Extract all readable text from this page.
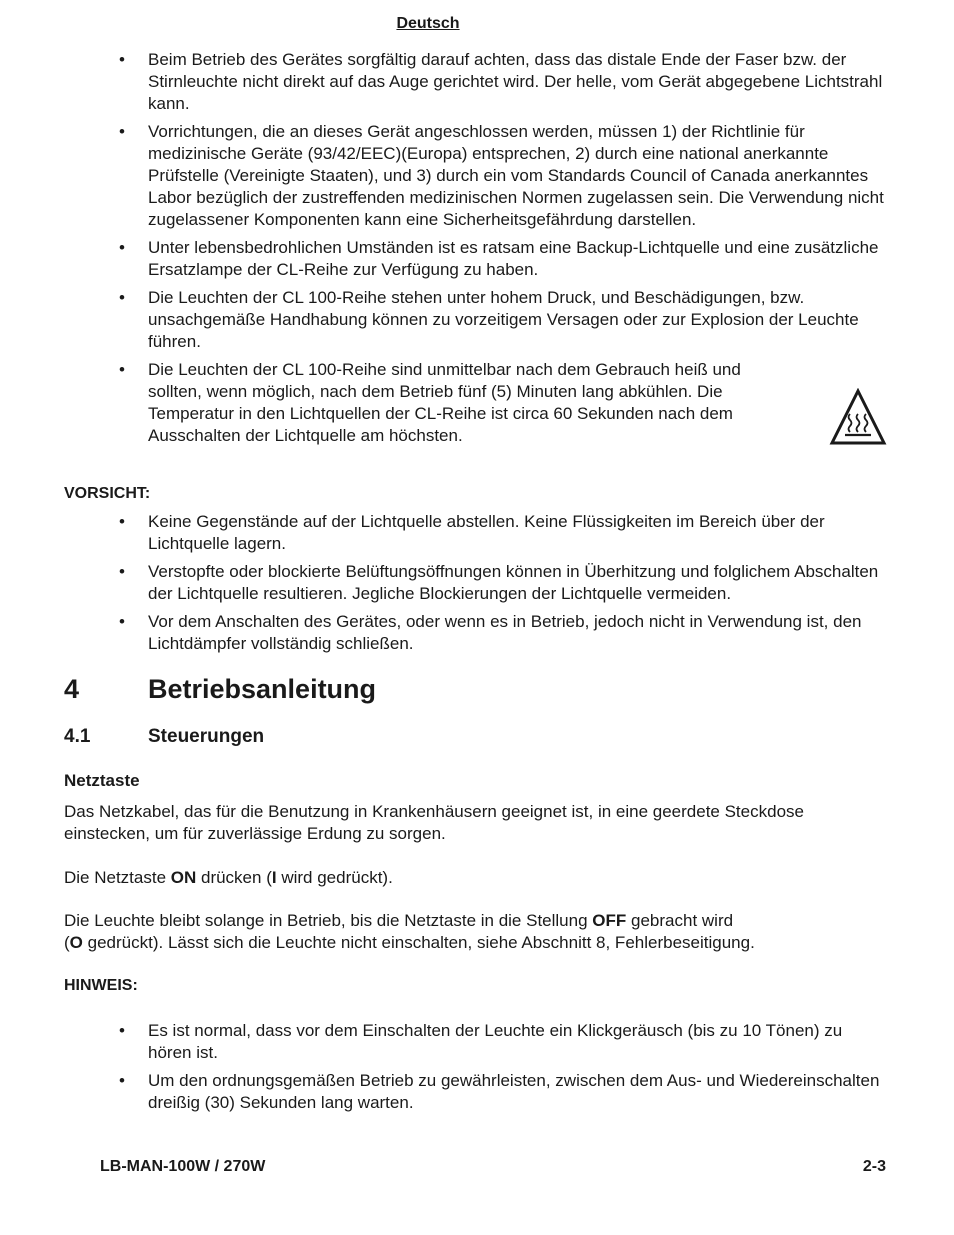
Deutsch
• Beim Betrieb des Gerätes sorgfältig darauf achten, dass das distale Ende der Faser bzw. der Stirnleuchte nicht direkt auf das Auge gerichtet wird. Der helle, vom Gerät abgegebene Lichtstrahl kann.
• Vorrichtungen, die an dieses Gerät angeschlossen werden, müssen 1) der Richtlinie für medizinische Geräte (93/42/EEC)(Europa) entsprechen, 2) durch eine national anerkannte Prüfstelle (Vereinigte Staaten), und 3) durch ein vom Standards Council of Canada anerkanntes Labor bezüglich der zustreffenden medizinischen Normen zugelassen sein. Die Verwendung nicht zugelassener Komponenten kann eine Sicherheitsgefährdung darstellen.
• Unter lebensbedrohlichen Umständen ist es ratsam eine Backup-Lichtquelle und eine zusätzliche Ersatzlampe der CL-Reihe zur Verfügung zu haben.
• Die Leuchten der CL 100-Reihe stehen unter hohem Druck, und Beschädigungen, bzw. unsachgemäße Handhabung können zu vorzeitigem Versagen oder zur Explosion der Leuchte führen.
• Die Leuchten der CL 100-Reihe sind unmittelbar nach dem Gebrauch heiß und sollten, wenn möglich, nach dem Betrieb fünf (5) Minuten lang abkühlen. Die Temperatur in den Lichtquellen der CL-Reihe ist circa 60 Sekunden nach dem Ausschalten der Lichtquelle am höchsten.
VORSICHT:
• Keine Gegenstände auf der Lichtquelle abstellen. Keine Flüssigkeiten im Bereich über der Lichtquelle lagern.
• Verstopfte oder blockierte Belüftungsöffnungen können in Überhitzung und folglichem Abschalten der Lichtquelle resultieren. Jegliche Blockierungen der Lichtquelle vermeiden.
• Vor dem Anschalten des Gerätes, oder wenn es in Betrieb, jedoch nicht in Verwendung ist, den Lichtdämpfer vollständig schließen.
4	Betriebsanleitung
4.1	Steuerungen
Netztaste
Das Netzkabel, das für die Benutzung in Krankenhäusern geeignet ist, in eine geerdete Steckdose einstecken, um für zuverlässige Erdung zu sorgen.
Die Netztaste ON drücken (I wird gedrückt).
Die Leuchte bleibt solange in Betrieb, bis die Netztaste in die Stellung OFF gebracht wird
(O gedrückt). Lässt sich die Leuchte nicht einschalten, siehe Abschnitt 8, Fehlerbeseitigung.
HINWEIS:
• Es ist normal, dass vor dem Einschalten der Leuchte ein Klickgeräusch (bis zu 10 Tönen) zu hören ist.
• Um den ordnungsgemäßen Betrieb zu gewährleisten, zwischen dem Aus- und Wiedereinschalten dreißig (30) Sekunden lang warten.
LB-MAN-100W / 270W	2-3
